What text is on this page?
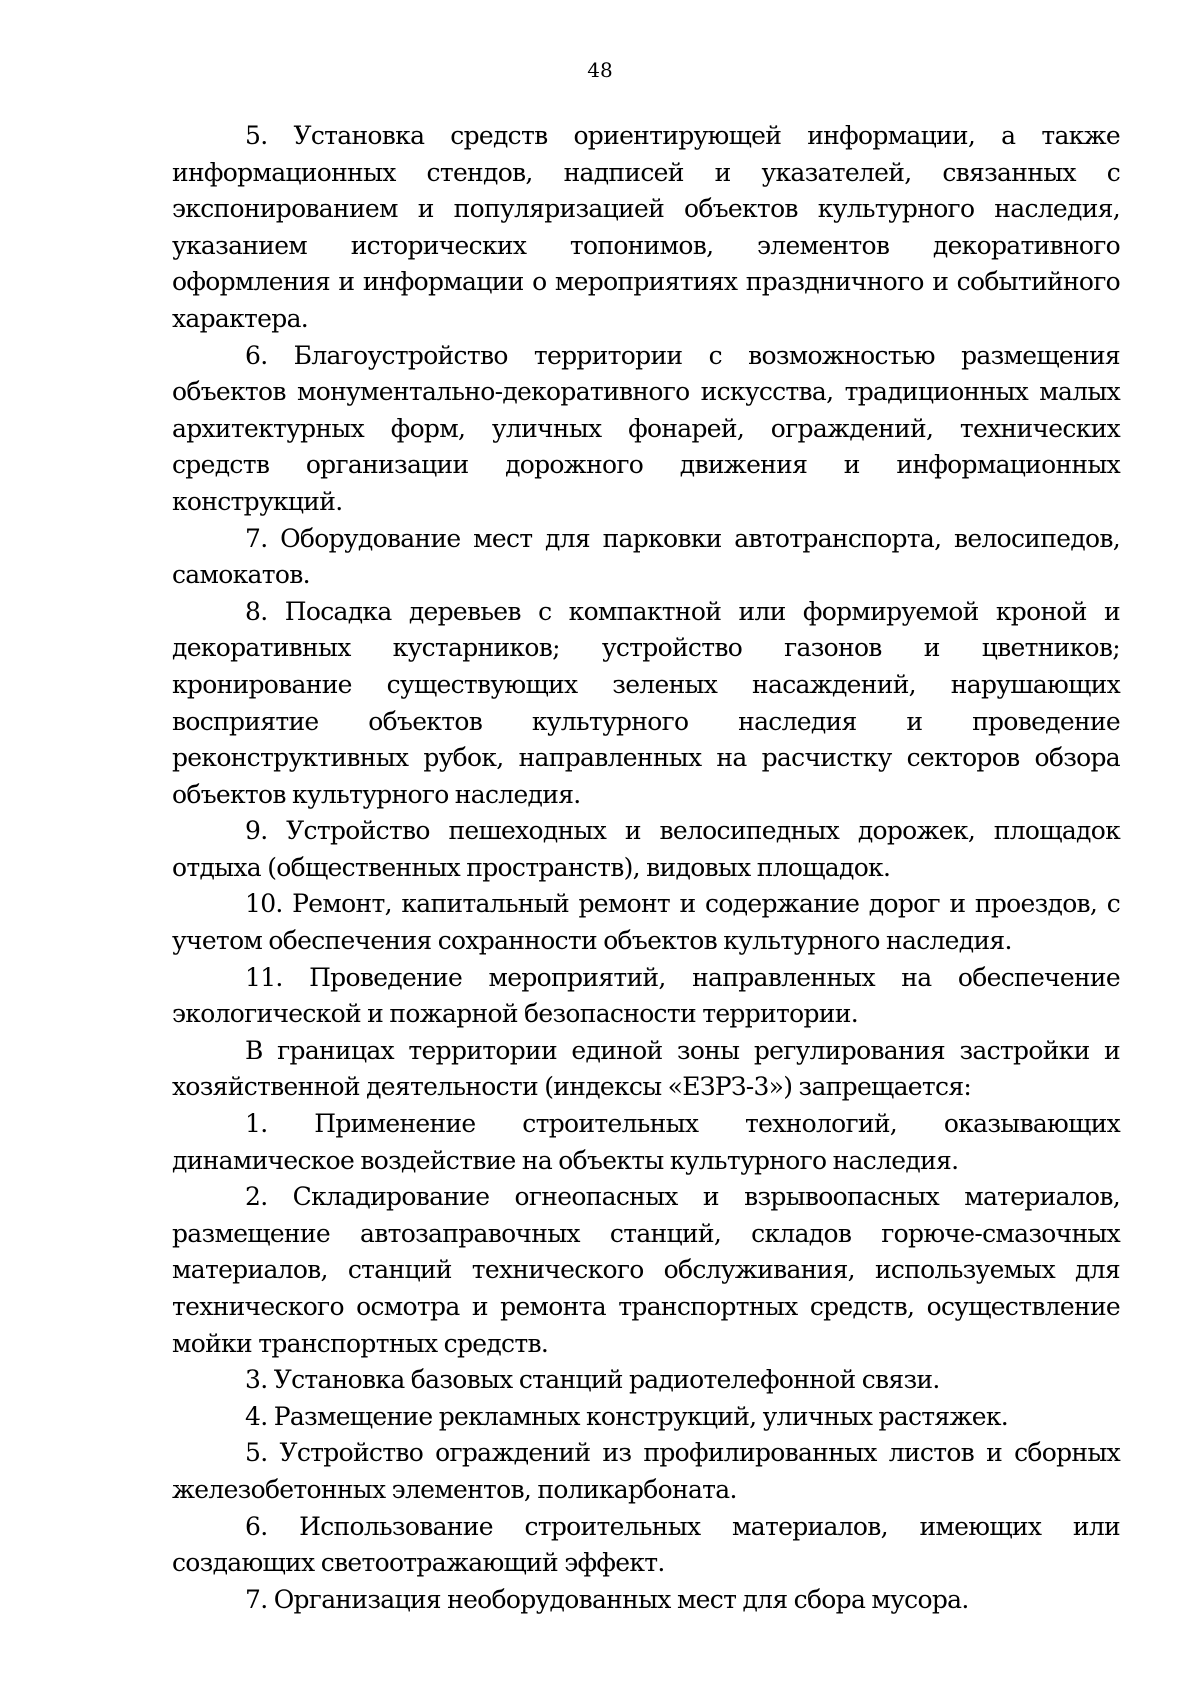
48

5. Установка средств ориентирующей информации, а также информационных стендов, надписей и указателей, связанных с экспонированием и популяризацией объектов культурного наследия, указанием исторических топонимов, элементов декоративного оформления и информации о мероприятиях праздничного и событийного характера.

6. Благоустройство территории с возможностью размещения объектов монументально-декоративного искусства, традиционных малых архитектурных форм, уличных фонарей, ограждений, технических средств организации дорожного движения и информационных конструкций.

7. Оборудование мест для парковки автотранспорта, велосипедов, самокатов.

8. Посадка деревьев с компактной или формируемой кроной и декоративных кустарников; устройство газонов и цветников; кронирование существующих зеленых насаждений, нарушающих восприятие объектов культурного наследия и проведение реконструктивных рубок, направленных на расчистку секторов обзора объектов культурного наследия.

9. Устройство пешеходных и велосипедных дорожек, площадок отдыха (общественных пространств), видовых площадок.

10. Ремонт, капитальный ремонт и содержание дорог и проездов, с учетом обеспечения сохранности объектов культурного наследия.

11. Проведение мероприятий, направленных на обеспечение экологической и пожарной безопасности территории.

В границах территории единой зоны регулирования застройки и хозяйственной деятельности (индексы «ЕЗРЗ-3») запрещается:

1. Применение строительных технологий, оказывающих динамическое воздействие на объекты культурного наследия.

2. Складирование огнеопасных и взрывоопасных материалов, размещение автозаправочных станций, складов горюче-смазочных материалов, станций технического обслуживания, используемых для технического осмотра и ремонта транспортных средств, осуществление мойки транспортных средств.

3. Установка базовых станций радиотелефонной связи.

4. Размещение рекламных конструкций, уличных растяжек.

5. Устройство ограждений из профилированных листов и сборных железобетонных элементов, поликарбоната.

6. Использование строительных материалов, имеющих или создающих светоотражающий эффект.

7. Организация необорудованных мест для сбора мусора.
